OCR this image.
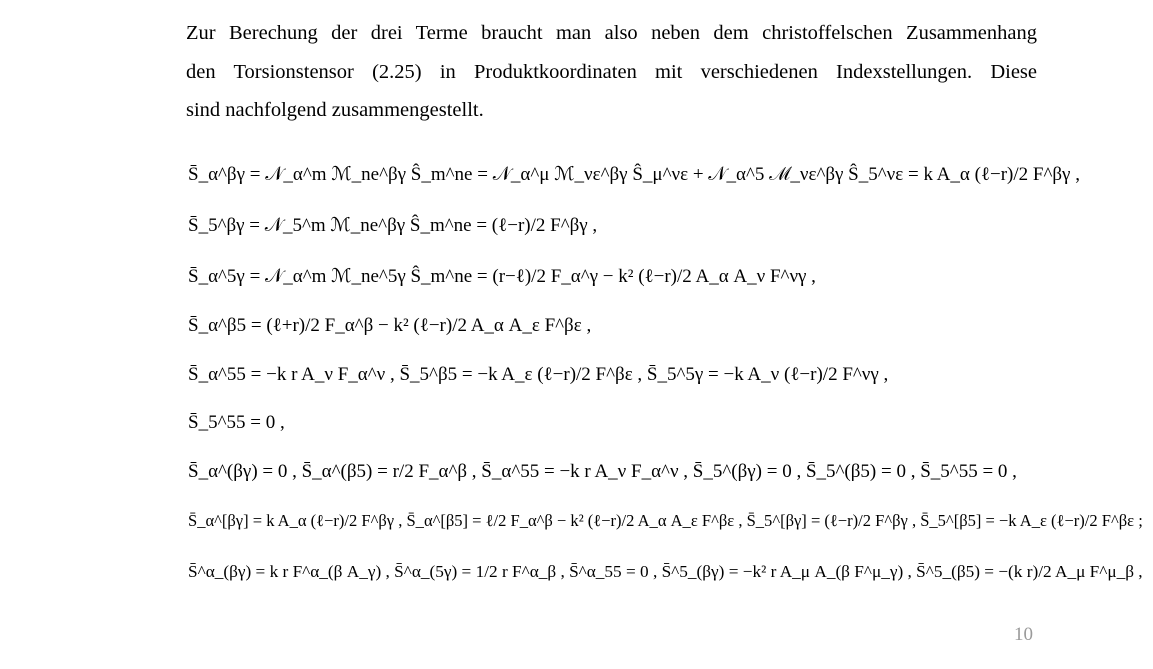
Zur Berechung der drei Terme braucht man also neben dem christoffelschen Zusammenhang

den Torsionstensor (2.25) in Produktkoordinaten mit verschiedenen Indexstellungen. Diese

sind nachfolgend zusammengestellt.

S̄_α^βγ = 𝒩_α^m ℳ_ne^βγ Ŝ_m^ne = 𝒩_α^μ ℳ_νε^βγ Ŝ_μ^νε + 𝒩_α^5 ℳ_νε^βγ Ŝ_5^νε = k A_α (ℓ−r)/2 F^βγ ,
S̄_5^βγ = 𝒩_5^m ℳ_ne^βγ Ŝ_m^ne = (ℓ−r)/2 F^βγ ,
S̄_α^5γ = 𝒩_α^m ℳ_ne^5γ Ŝ_m^ne = (r−ℓ)/2 F_α^γ − k² (ℓ−r)/2 A_α A_ν F^νγ ,
S̄_α^β5 = (ℓ+r)/2 F_α^β − k² (ℓ−r)/2 A_α A_ε F^βε ,
S̄_α^55 = −k r A_ν F_α^ν , S̄_5^β5 = −k A_ε (ℓ−r)/2 F^βε , S̄_5^5γ = −k A_ν (ℓ−r)/2 F^νγ ,
S̄_5^55 = 0 ,
S̄_α^(βγ) = 0 , S̄_α^(β5) = r/2 F_α^β , S̄_α^55 = −k r A_ν F_α^ν , S̄_5^(βγ) = 0 , S̄_5^(β5) = 0 , S̄_5^55 = 0 ,
S̄_α^[βγ] = k A_α (ℓ−r)/2 F^βγ , S̄_α^[β5] = ℓ/2 F_α^β − k² (ℓ−r)/2 A_α A_ε F^βε , S̄_5^[βγ] = (ℓ−r)/2 F^βγ , S̄_5^[β5] = −k A_ε (ℓ−r)/2 F^βε ;
S̄^α_(βγ) = k r F^α_(β A_γ) , S̄^α_(5γ) = 1/2 r F^α_β , S̄^α_55 = 0 , S̄^5_(βγ) = −k² r A_μ A_(β F^μ_γ) , S̄^5_(β5) = −(k r)/2 A_μ F^μ_β ,
10
